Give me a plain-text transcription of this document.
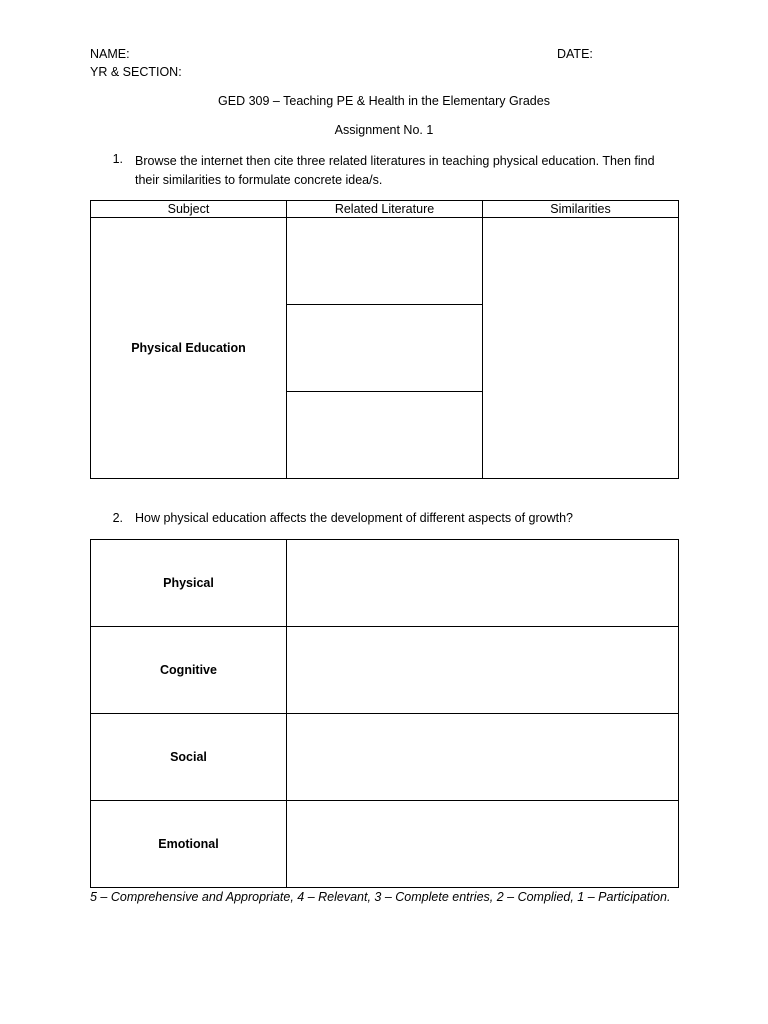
NAME:	DATE:
YR & SECTION:
GED 309 – Teaching PE & Health in the Elementary Grades
Assignment No. 1
1. Browse the internet then cite three related literatures in teaching physical education. Then find their similarities to formulate concrete idea/s.
Subject	Related Literature	Similarities
Physical Education		

2. How physical education affects the development of different aspects of growth?
Physical	
Cognitive	
Social	
Emotional	
5 – Comprehensive and Appropriate, 4 – Relevant, 3 – Complete entries, 2 – Complied, 1 – Participation.
